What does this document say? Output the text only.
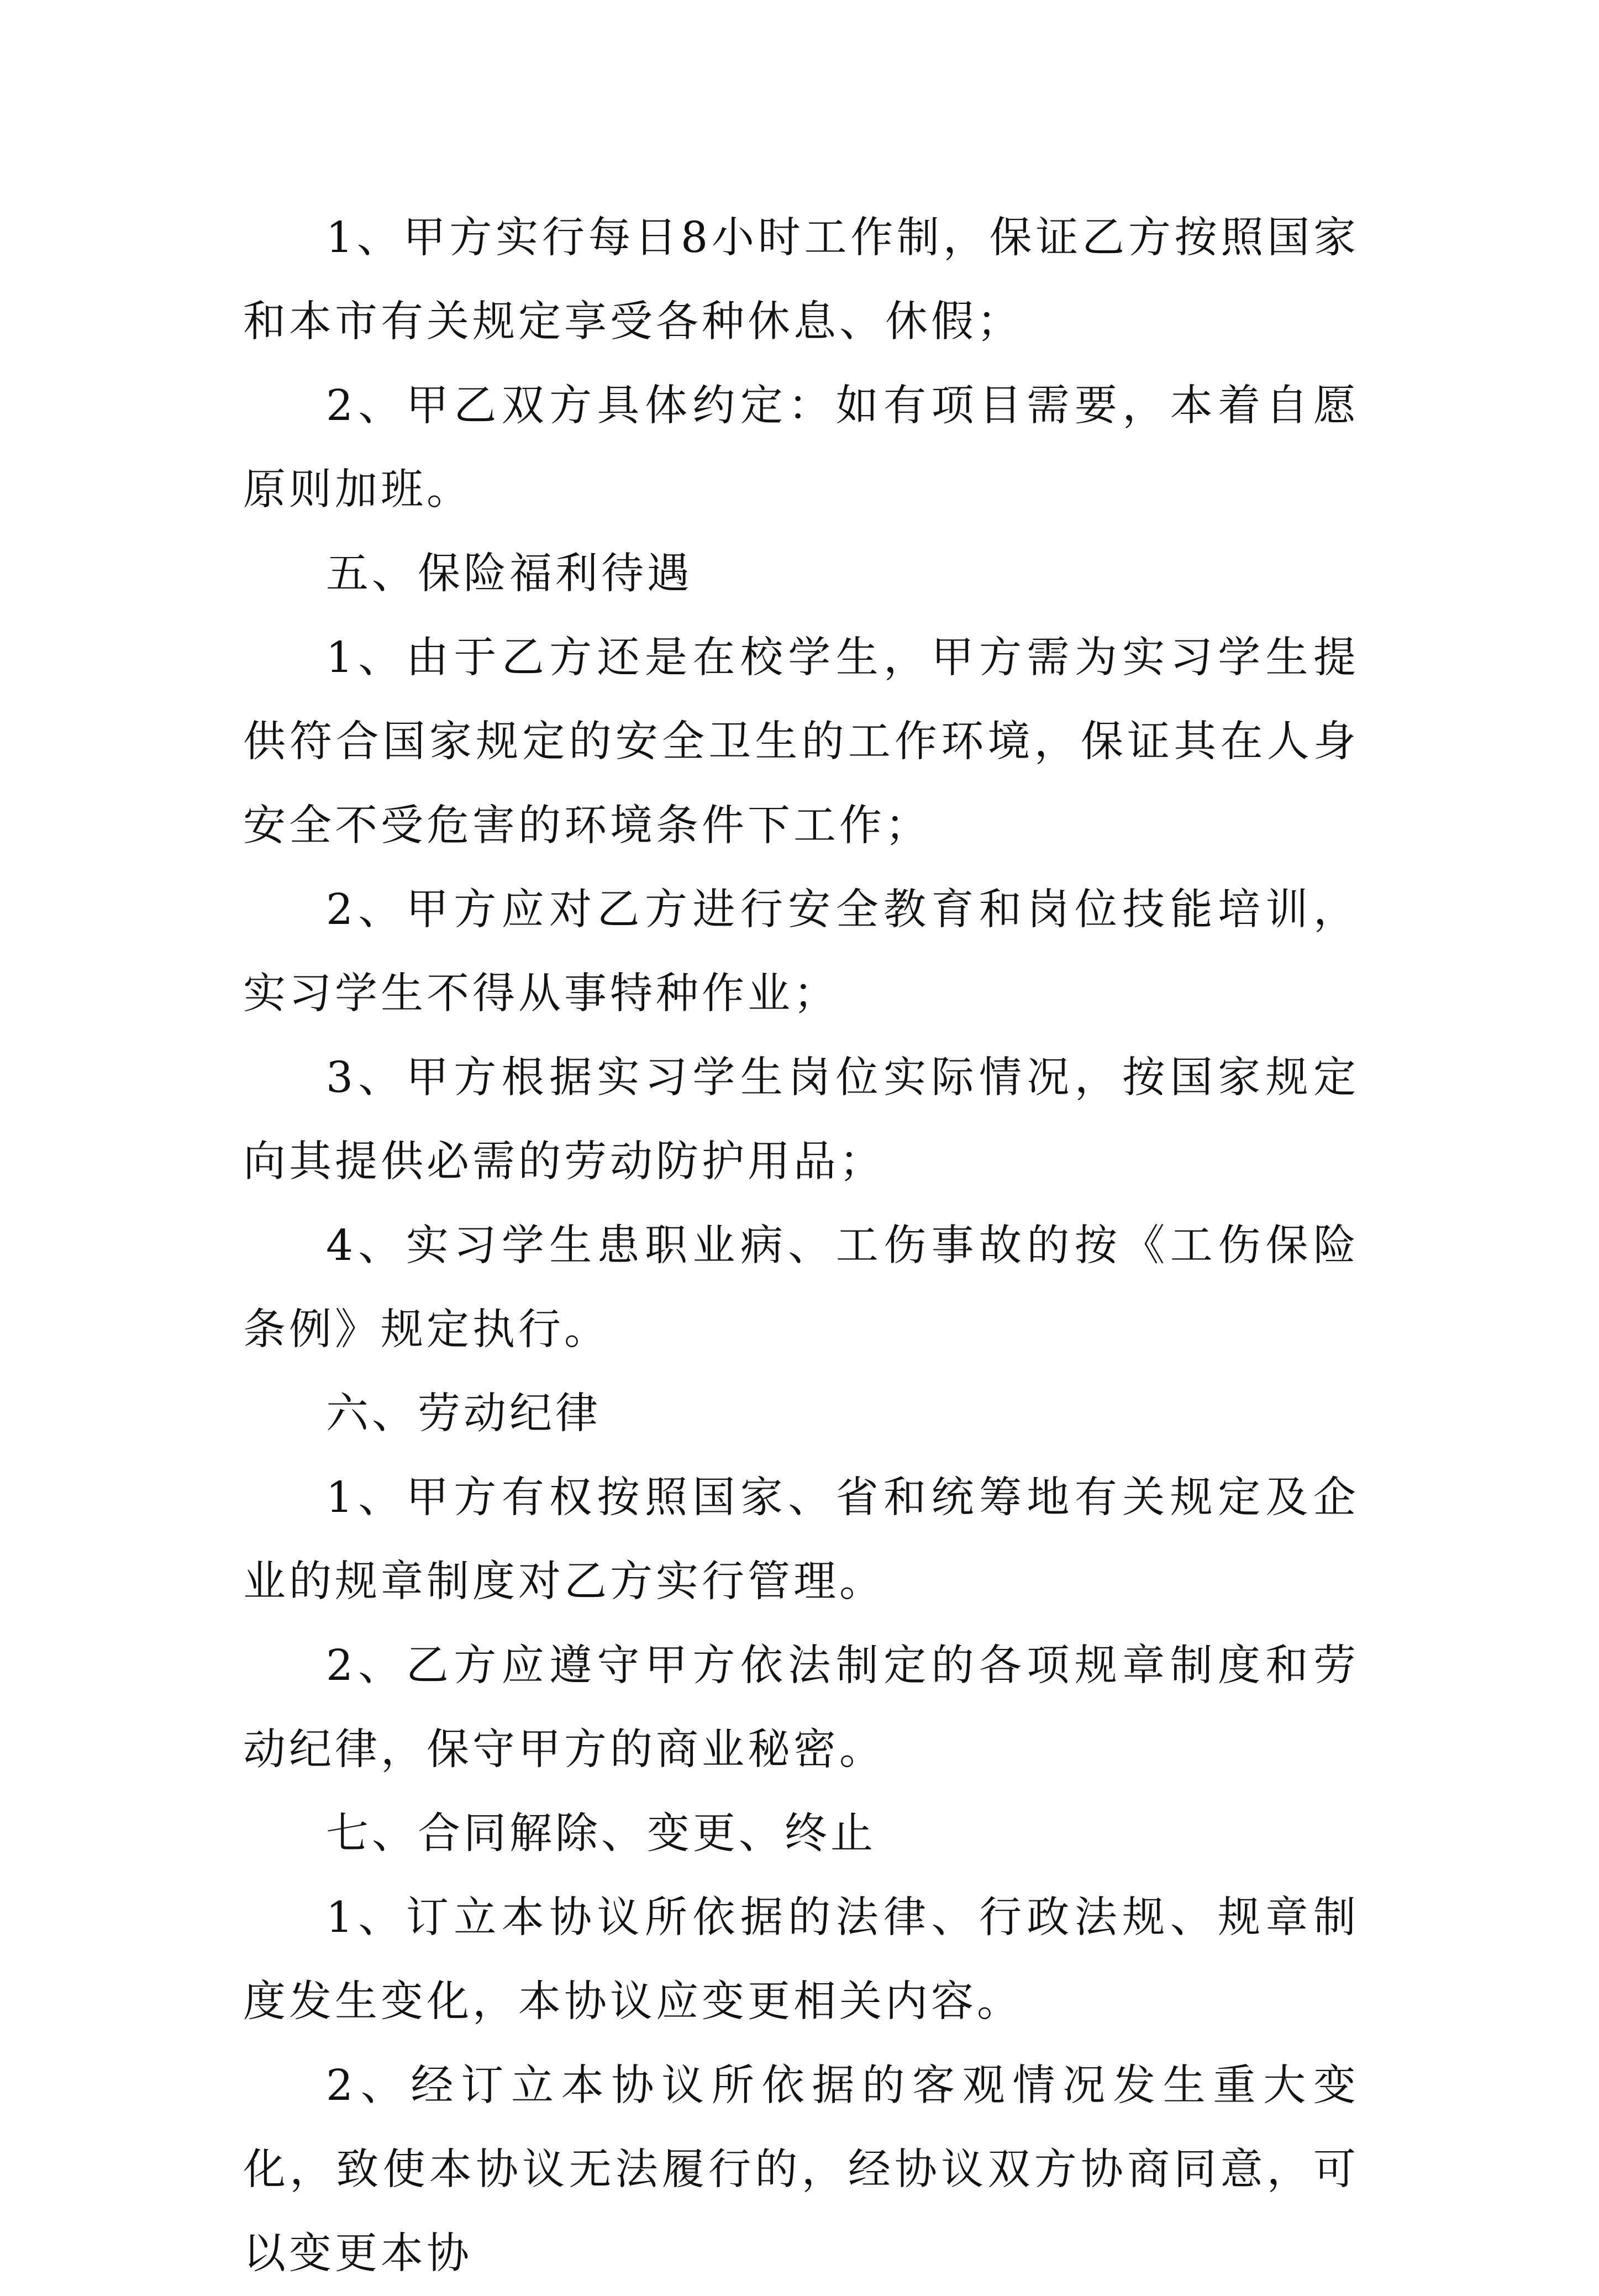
1、甲方实行每日8小时工作制，保证乙方按照国家和本市有关规定享受各种休息、休假；

2、甲乙双方具体约定：如有项目需要，本着自愿原则加班。

五、保险福利待遇

1、由于乙方还是在校学生，甲方需为实习学生提供符合国家规定的安全卫生的工作环境，保证其在人身安全不受危害的环境条件下工作；

2、甲方应对乙方进行安全教育和岗位技能培训，实习学生不得从事特种作业；

3、甲方根据实习学生岗位实际情况，按国家规定向其提供必需的劳动防护用品；

4、实习学生患职业病、工伤事故的按《工伤保险条例》规定执行。

六、劳动纪律

1、甲方有权按照国家、省和统筹地有关规定及企业的规章制度对乙方实行管理。

2、乙方应遵守甲方依法制定的各项规章制度和劳动纪律，保守甲方的商业秘密。

七、合同解除、变更、终止

1、订立本协议所依据的法律、行政法规、规章制度发生变化，本协议应变更相关内容。

2、经订立本协议所依据的客观情况发生重大变化，致使本协议无法履行的，经协议双方协商同意，可以变更本协
